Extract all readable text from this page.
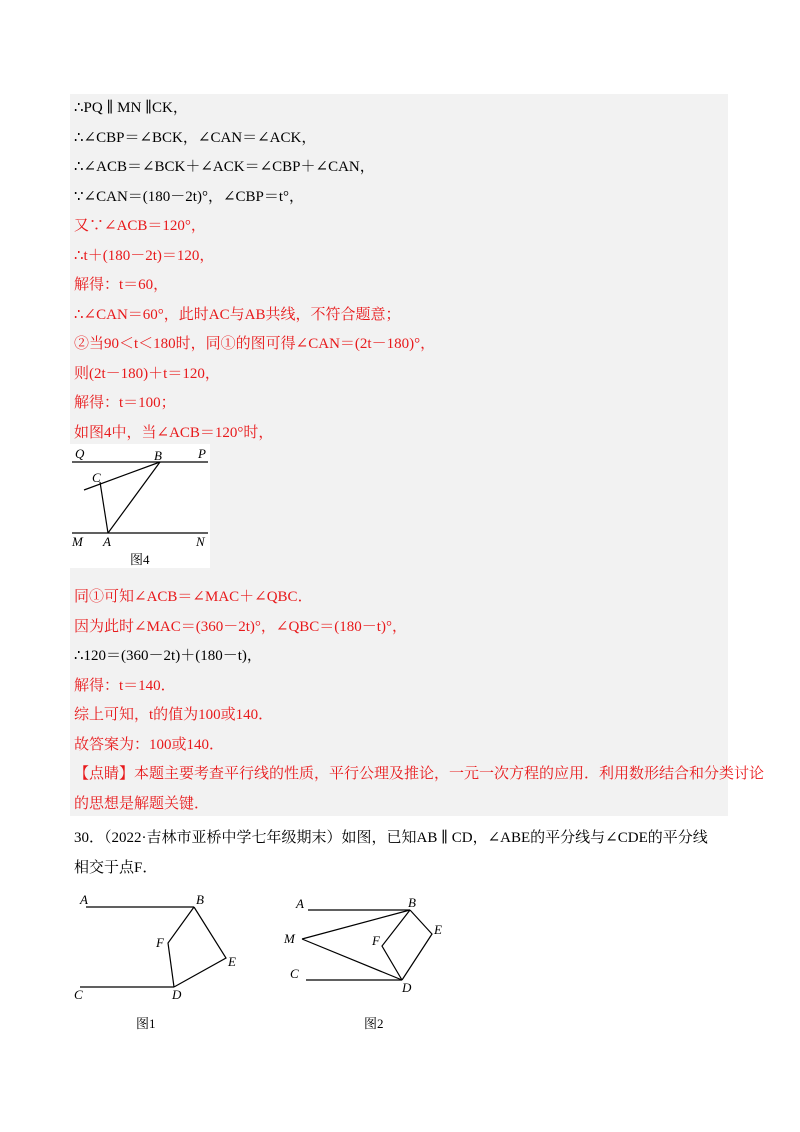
∴PQ ∥ MN ∥CK，
∴∠CBP＝∠BCK，∠CAN＝∠ACK，
∴∠ACB＝∠BCK＋∠ACK＝∠CBP＋∠CAN，
∵∠CAN＝(180－2t)°，∠CBP＝t°，
又∵∠ACB＝120°，
∴t＋(180－2t)＝120，
解得：t＝60，
∴∠CAN＝60°，此时AC与AB共线，不符合题意；
②当90＜t＜180时，同①的图可得∠CAN＝(2t－180)°，
则(2t－180)＋t＝120，
解得：t＝100；
如图4中，当∠ACB＝120°时，
Q	B	P
C
M A	N
图4
同①可知∠ACB＝∠MAC＋∠QBC．
因为此时∠MAC＝(360－2t)°，∠QBC＝(180－t)°，
∴120＝(360－2t)＋(180－t)，
解得：t＝140．
综上可知，t的值为100或140．
故答案为：100或140．
【点睛】本题主要考查平行线的性质，平行公理及推论，一元一次方程的应用．利用数形结合和分类讨论
的思想是解题关键．
30．（2022·吉林市亚桥中学七年级期末）如图，已知AB ∥ CD，∠ABE的平分线与∠CDE的平分线
相交于点F．
A	B
F
E
C	D
图1
A	B
M	F
E
C
D
图2
